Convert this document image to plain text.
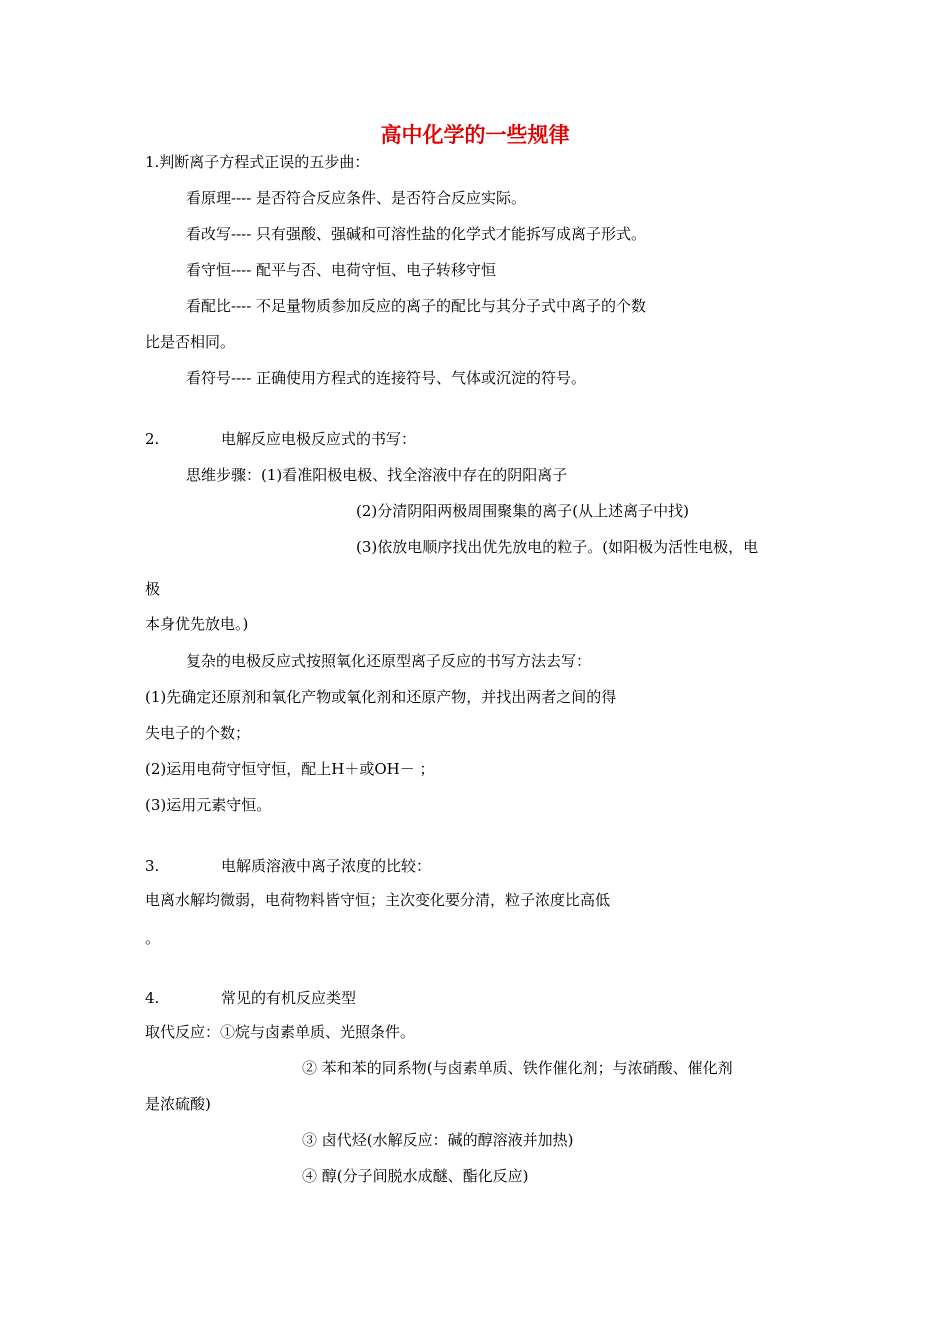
高中化学的一些规律
1.判断离子方程式正误的五步曲：
看原理---- 是否符合反应条件、是否符合反应实际。
看改写---- 只有强酸、强碱和可溶性盐的化学式才能拆写成离子形式。
看守恒---- 配平与否、电荷守恒、电子转移守恒
看配比---- 不足量物质参加反应的离子的配比与其分子式中离子的个数
比是否相同。
看符号---- 正确使用方程式的连接符号、气体或沉淀的符号。
2.	电解反应电极反应式的书写：
思维步骤：(1)看准阳极电极、找全溶液中存在的阴阳离子
(2)分清阴阳两极周围聚集的离子(从上述离子中找)
(3)依放电顺序找出优先放电的粒子。(如阳极为活性电极，电
极
本身优先放电。)
复杂的电极反应式按照氧化还原型离子反应的书写方法去写：
(1)先确定还原剂和氧化产物或氧化剂和还原产物，并找出两者之间的得
失电子的个数；
(2)运用电荷守恒守恒，配上H＋或OH－ ；
(3)运用元素守恒。
3.	电解质溶液中离子浓度的比较：
电离水解均微弱，电荷物料皆守恒；主次变化要分清，粒子浓度比高低
。
4.	常见的有机反应类型
取代反应：①烷与卤素单质、光照条件。
② 苯和苯的同系物(与卤素单质、铁作催化剂；与浓硝酸、催化剂
是浓硫酸)
③ 卤代烃(水解反应：碱的醇溶液并加热)
④ 醇(分子间脱水成醚、酯化反应)
